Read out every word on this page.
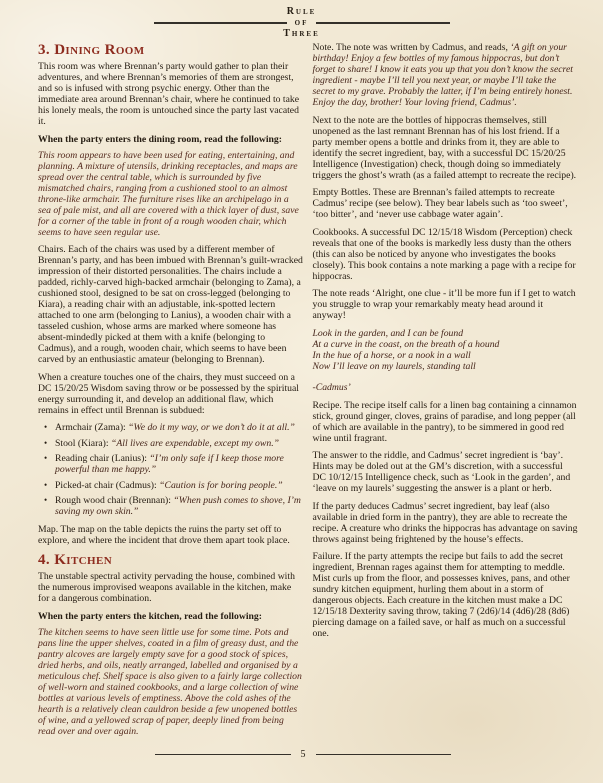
Rule
of
Three
3. Dining Room

This room was where Brennan’s party would gather to plan their adventures, and where Brennan’s memories of them are strongest, and so is infused with strong psychic energy. Other than the immediate area around Brennan’s chair, where he continued to take his lonely meals, the room is untouched since the party last vacated it.

When the party enters the dining room, read the following:

This room appears to have been used for eating, entertaining, and planning. A mixture of utensils, drinking receptacles, and maps are spread over the central table, which is surrounded by five mismatched chairs, ranging from a cushioned stool to an almost throne-like armchair. The furniture rises like an archipelago in a sea of pale mist, and all are covered with a thick layer of dust, save for a corner of the table in front of a rough wooden chair, which seems to have seen regular use.

Chairs. Each of the chairs was used by a different member of Brennan’s party, and has been imbued with Brennan’s guilt-wracked impression of their distorted personalities. The chairs include a padded, richly-carved high-backed armchair (belonging to Zama), a cushioned stool, designed to be sat on cross-legged (belonging to Kiara), a reading chair with an adjustable, ink-spotted lectern attached to one arm (belonging to Lanius), a wooden chair with a tasseled cushion, whose arms are marked where someone has absent-mindedly picked at them with a knife (belonging to Cadmus), and a rough, wooden chair, which seems to have been carved by an enthusiastic amateur (belonging to Brennan).

When a creature touches one of the chairs, they must succeed on a DC 15/20/25 Wisdom saving throw or be possessed by the spiritual energy surrounding it, and develop an additional flaw, which remains in effect until Brennan is subdued:

• Armchair (Zama): “We do it my way, or we don’t do it at all.”
• Stool (Kiara): “All lives are expendable, except my own.”
• Reading chair (Lanius): “I’m only safe if I keep those more powerful than me happy.”
• Picked-at chair (Cadmus): “Caution is for boring people.”
• Rough wood chair (Brennan): “When push comes to shove, I’m saving my own skin.”

Map. The map on the table depicts the ruins the party set off to explore, and where the incident that drove them apart took place.

4. Kitchen

The unstable spectral activity pervading the house, combined with the numerous improvised weapons available in the kitchen, make for a dangerous combination.

When the party enters the kitchen, read the following:

The kitchen seems to have seen little use for some time. Pots and pans line the upper shelves, coated in a film of greasy dust, and the pantry alcoves are largely empty save for a good stock of spices, dried herbs, and oils, neatly arranged, labelled and organised by a meticulous chef. Shelf space is also given to a fairly large collection of well-worn and stained cookbooks, and a large collection of wine bottles at various levels of emptiness. Above the cold ashes of the hearth is a relatively clean cauldron beside a few unopened bottles of wine, and a yellowed scrap of paper, deeply lined from being read over and over again.

Note. The note was written by Cadmus, and reads, ‘A gift on your birthday! Enjoy a few bottles of my famous hippocras, but don’t forget to share! I know it eats you up that you don’t know the secret ingredient - maybe I’ll tell you next year, or maybe I’ll take the secret to my grave. Probably the latter, if I’m being entirely honest. Enjoy the day, brother! Your loving friend, Cadmus’.

Next to the note are the bottles of hippocras themselves, still unopened as the last remnant Brennan has of his lost friend. If a party member opens a bottle and drinks from it, they are able to identify the secret ingredient, bay, with a successful DC 15/20/25 Intelligence (Investigation) check, though doing so immediately triggers the ghost’s wrath (as a failed attempt to recreate the recipe).

Empty Bottles. These are Brennan’s failed attempts to recreate Cadmus’ recipe (see below). They bear labels such as ‘too sweet’, ‘too bitter’, and ‘never use cabbage water again’.

Cookbooks. A successful DC 12/15/18 Wisdom (Perception) check reveals that one of the books is markedly less dusty than the others (this can also be noticed by anyone who investigates the books closely). This book contains a note marking a page with a recipe for hippocras.

The note reads ‘Alright, one clue - it’ll be more fun if I get to watch you struggle to wrap your remarkably meaty head around it anyway!

Look in the garden, and I can be found
At a curve in the coast, on the breath of a hound
In the hue of a horse, or a nook in a wall
Now I’ll leave on my laurels, standing tall

-Cadmus’

Recipe. The recipe itself calls for a linen bag containing a cinnamon stick, ground ginger, cloves, grains of paradise, and long pepper (all of which are available in the pantry), to be simmered in good red wine until fragrant.

The answer to the riddle, and Cadmus’ secret ingredient is ‘bay’. Hints may be doled out at the GM’s discretion, with a successful DC 10/12/15 Intelligence check, such as ‘Look in the garden’, and ‘leave on my laurels’ suggesting the answer is a plant or herb.

If the party deduces Cadmus’ secret ingredient, bay leaf (also available in dried form in the pantry), they are able to recreate the recipe. A creature who drinks the hippocras has advantage on saving throws against being frightened by the house’s effects.

Failure. If the party attempts the recipe but fails to add the secret ingredient, Brennan rages against them for attempting to meddle. Mist curls up from the floor, and possesses knives, pans, and other sundry kitchen equipment, hurling them about in a storm of dangerous objects. Each creature in the kitchen must make a DC 12/15/18 Dexterity saving throw, taking 7 (2d6)/14 (4d6)/28 (8d6) piercing damage on a failed save, or half as much on a successful one.

5
